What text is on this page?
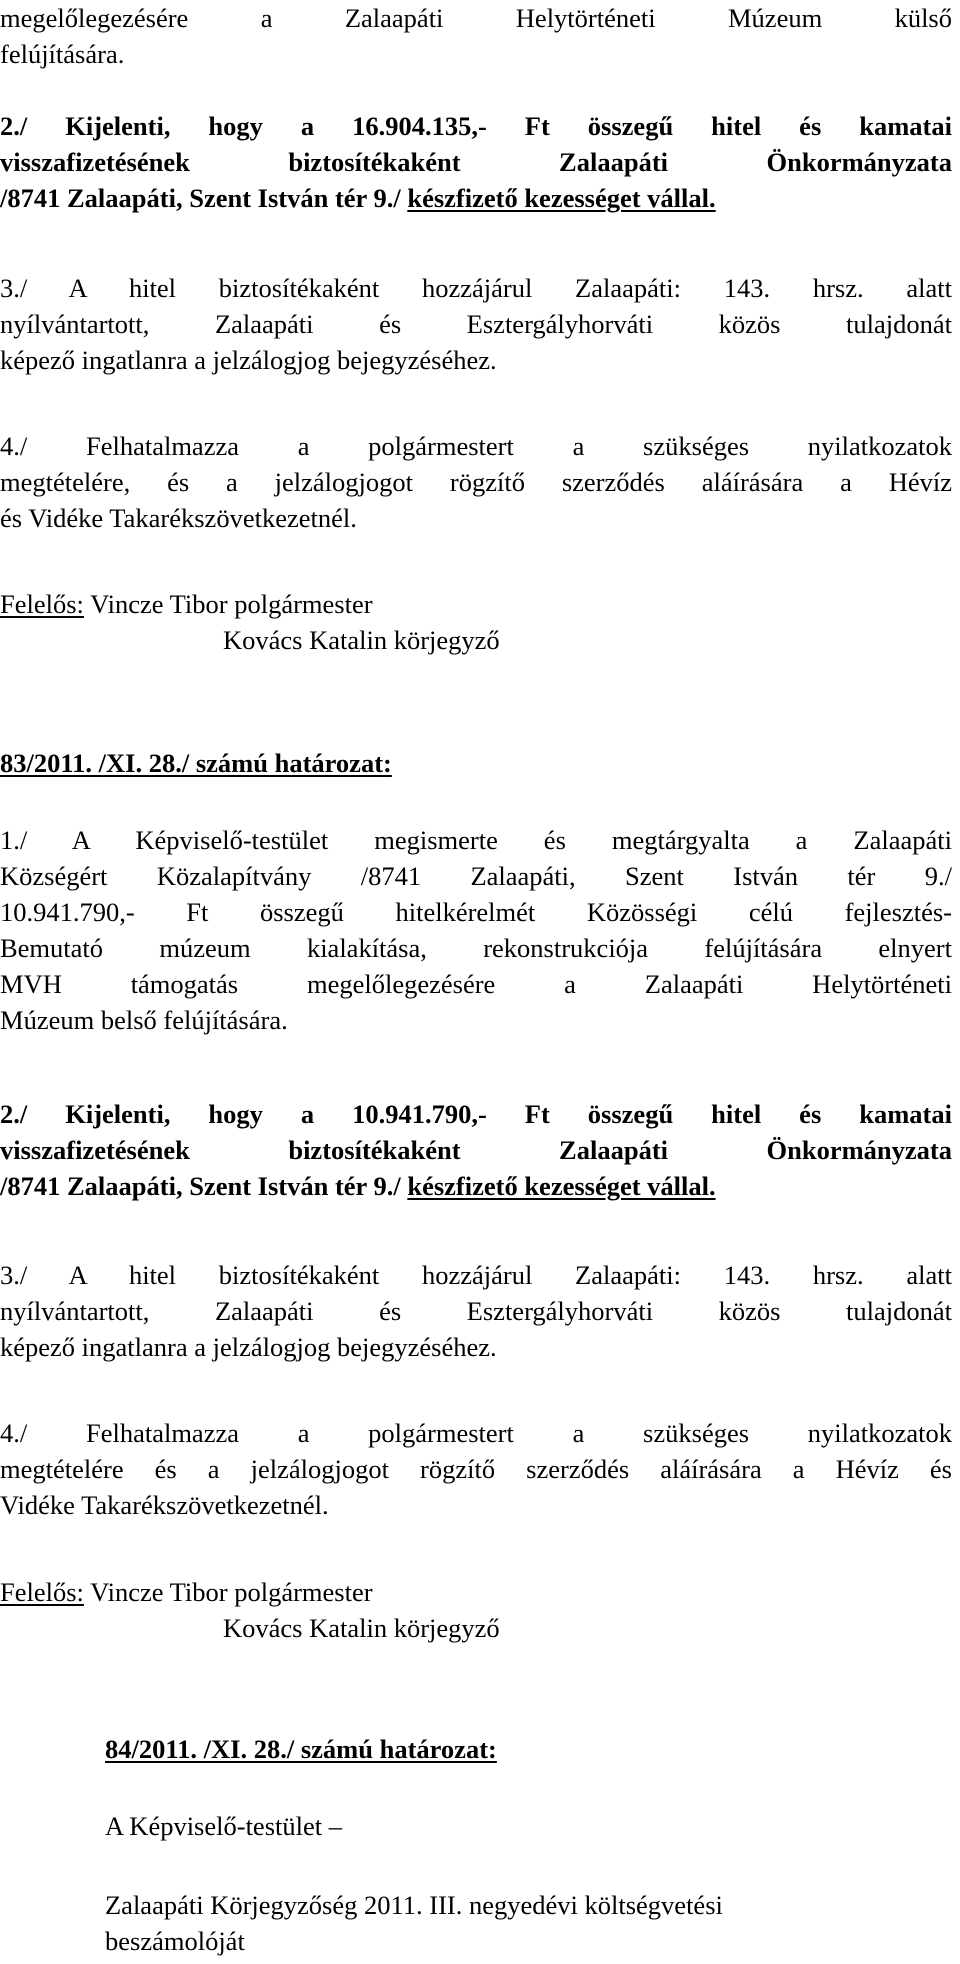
megelőlegezésére a Zalaapáti Helytörténeti Múzeum külső

felújítására.

2./ Kijelenti, hogy a 16.904.135,- Ft összegű hitel és kamatai

visszafizetésének biztosítékaként Zalaapáti Önkormányzata

/8741 Zalaapáti, Szent István tér 9./ készfizető kezességet vállal.

3./ A hitel biztosítékaként hozzájárul Zalaapáti: 143. hrsz. alatt

nyílvántartott, Zalaapáti és Esztergályhorváti közös tulajdonát

képező ingatlanra a jelzálogjog bejegyzéséhez.

4./ Felhatalmazza a polgármestert a szükséges nyilatkozatok

megtételére, és a jelzálogjogot rögzítő szerződés aláírására a Hévíz

és Vidéke Takarékszövetkezetnél.

Felelős: Vincze Tibor polgármester

Kovács Katalin körjegyző

83/2011. /XI. 28./ számú határozat:

1./ A Képviselő-testület megismerte és megtárgyalta a Zalaapáti

Községért Közalapítvány /8741 Zalaapáti, Szent István tér 9./

10.941.790,- Ft összegű hitelkérelmét Közösségi célú fejlesztés-

Bemutató múzeum kialakítása, rekonstrukciója felújítására elnyert

MVH támogatás megelőlegezésére a Zalaapáti Helytörténeti

Múzeum belső felújítására.

2./ Kijelenti, hogy a 10.941.790,- Ft összegű hitel és kamatai

visszafizetésének biztosítékaként Zalaapáti Önkormányzata

/8741 Zalaapáti, Szent István tér 9./ készfizető kezességet vállal.

3./ A hitel biztosítékaként hozzájárul Zalaapáti: 143. hrsz. alatt

nyílvántartott, Zalaapáti és Esztergályhorváti közös tulajdonát

képező ingatlanra a jelzálogjog bejegyzéséhez.

4./ Felhatalmazza a polgármestert a szükséges nyilatkozatok

megtételére és a jelzálogjogot rögzítő szerződés aláírására a Hévíz és

Vidéke Takarékszövetkezetnél.

Felelős: Vincze Tibor polgármester

Kovács Katalin körjegyző

84/2011. /XI. 28./ számú határozat:

A Képviselő-testület –

Zalaapáti Körjegyzőség 2011. III. negyedévi költségvetési

beszámolóját
